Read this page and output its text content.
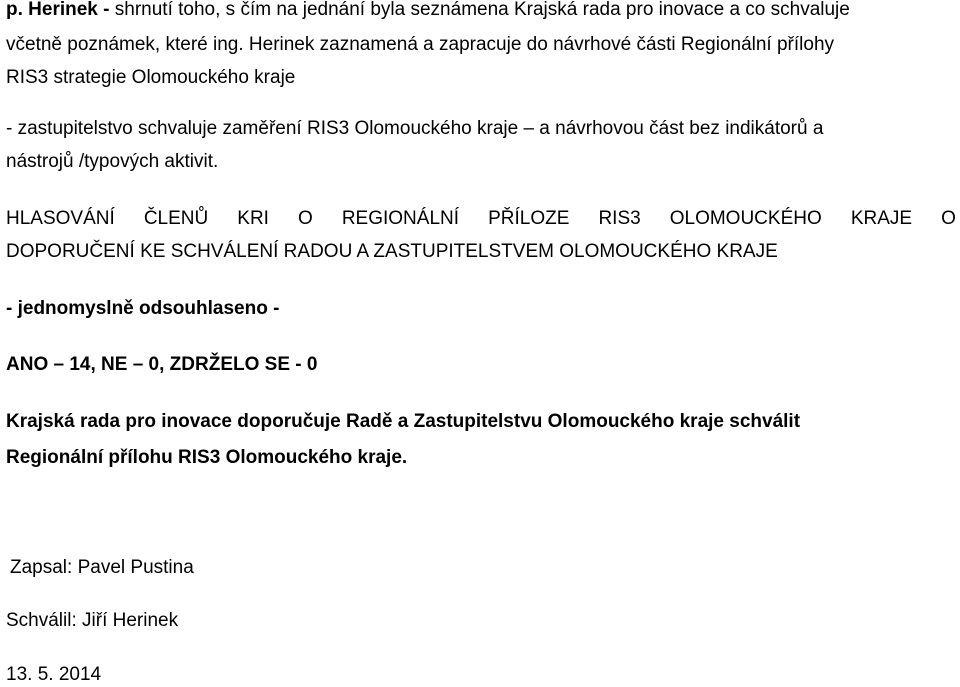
p. Herinek - shrnutí toho, s čím na jednání byla seznámena Krajská rada pro inovace a co schvaluje
včetně poznámek, které ing. Herinek zaznamená a zapracuje do návrhové části Regionální přílohy
RIS3 strategie Olomouckého kraje
- zastupitelstvo schvaluje zaměření RIS3 Olomouckého kraje – a návrhovou část bez indikátorů a
nástrojů /typových aktivit.
HLASOVÁNÍ ČLENŮ KRI O REGIONÁLNÍ PŘÍLOZE RIS3 OLOMOUCKÉHO KRAJE O
DOPORUČENÍ KE SCHVÁLENÍ RADOU A ZASTUPITELSTVEM OLOMOUCKÉHO KRAJE
- jednomyslně odsouhlaseno -
ANO – 14, NE – 0, ZDRŽELO SE - 0
Krajská rada pro inovace doporučuje Radě a Zastupitelstvu Olomouckého kraje schválit
Regionální přílohu RIS3 Olomouckého kraje.
Zapsal: Pavel Pustina
Schválil: Jiří Herinek
13. 5. 2014
